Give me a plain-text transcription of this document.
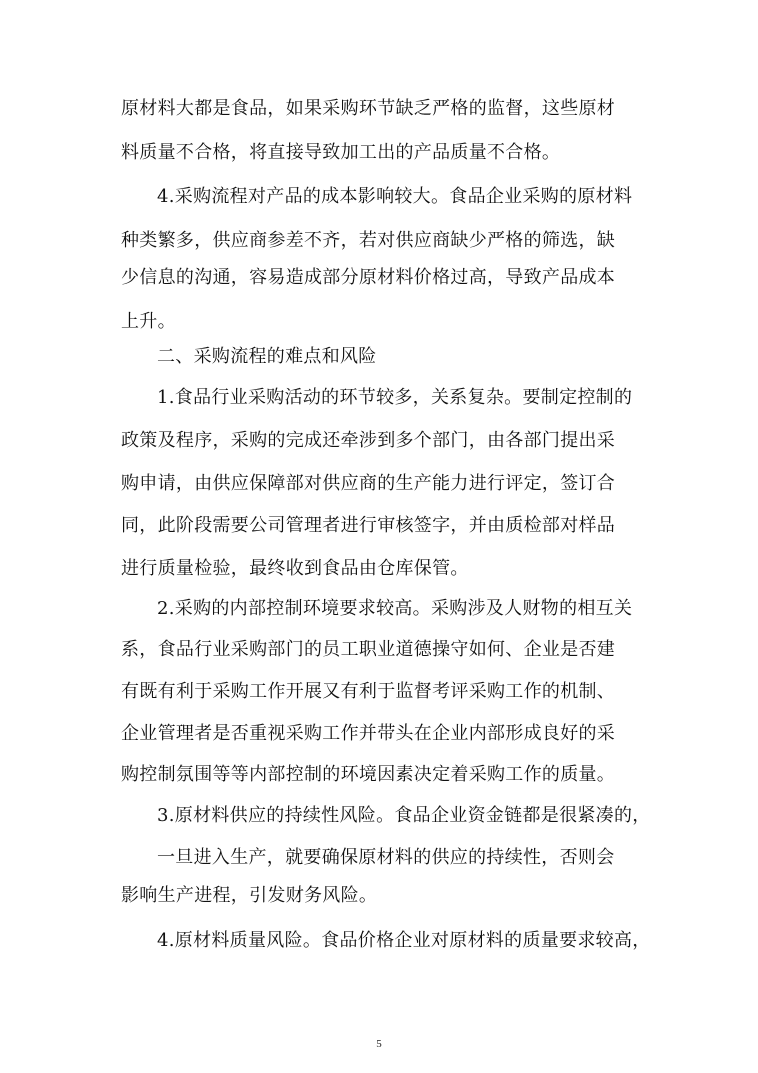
原材料大都是食品，如果采购环节缺乏严格的监督，这些原材
料质量不合格，将直接导致加工出的产品质量不合格。
4.采购流程对产品的成本影响较大。食品企业采购的原材料
种类繁多，供应商参差不齐，若对供应商缺少严格的筛选，缺
少信息的沟通，容易造成部分原材料价格过高，导致产品成本
上升。
二、采购流程的难点和风险
1.食品行业采购活动的环节较多，关系复杂。要制定控制的
政策及程序，采购的完成还牵涉到多个部门，由各部门提出采
购申请，由供应保障部对供应商的生产能力进行评定，签订合
同，此阶段需要公司管理者进行审核签字，并由质检部对样品
进行质量检验，最终收到食品由仓库保管。
2.采购的内部控制环境要求较高。采购涉及人财物的相互关
系，食品行业采购部门的员工职业道德操守如何、企业是否建
有既有利于采购工作开展又有利于监督考评采购工作的机制、
企业管理者是否重视采购工作并带头在企业内部形成良好的采
购控制氛围等等内部控制的环境因素决定着采购工作的质量。
3.原材料供应的持续性风险。食品企业资金链都是很紧凑的，
一旦进入生产，就要确保原材料的供应的持续性，否则会
影响生产进程，引发财务风险。
4.原材料质量风险。食品价格企业对原材料的质量要求较高，
5
